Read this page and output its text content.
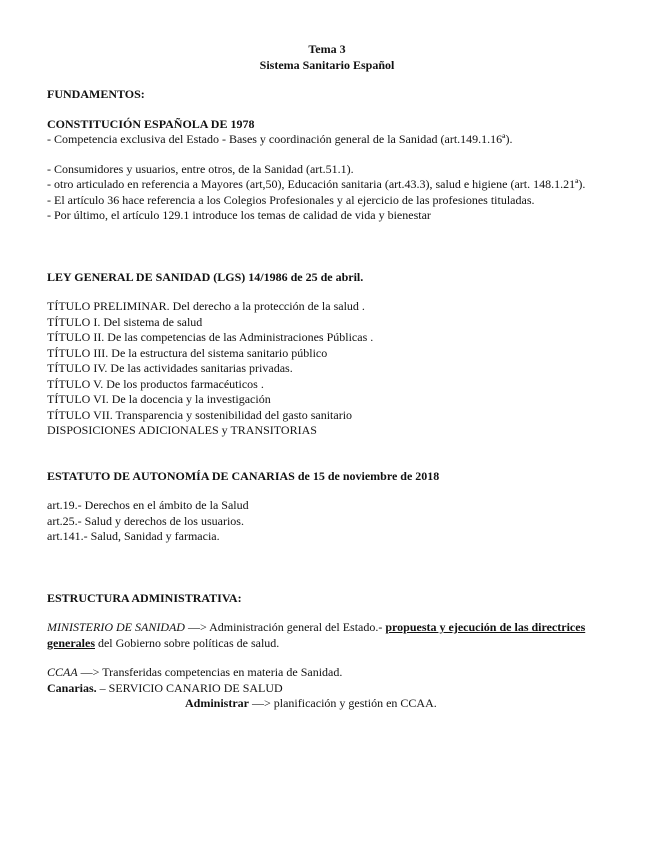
Tema 3
Sistema Sanitario Español
FUNDAMENTOS:
CONSTITUCIÓN ESPAÑOLA DE 1978
- Competencia exclusiva del Estado - Bases y coordinación general de la Sanidad (art.149.1.16ª).
- Consumidores y usuarios, entre otros, de la Sanidad (art.51.1).
- otro articulado en referencia a Mayores (art,50), Educación sanitaria (art.43.3), salud e higiene (art. 148.1.21ª).
- El artículo 36 hace referencia a los Colegios Profesionales y al ejercicio de las profesiones tituladas.
- Por último, el artículo 129.1 introduce los temas de calidad de vida y bienestar
LEY GENERAL DE SANIDAD (LGS) 14/1986 de 25 de abril.
TÍTULO PRELIMINAR. Del derecho a la protección de la salud .
TÍTULO I. Del sistema de salud
TÍTULO II. De las competencias de las Administraciones Públicas .
TÍTULO III. De la estructura del sistema sanitario público
TÍTULO IV. De las actividades sanitarias privadas.
TÍTULO V. De los productos farmacéuticos .
TÍTULO VI. De la docencia y la investigación
TÍTULO VII. Transparencia y sostenibilidad del gasto sanitario
DISPOSICIONES ADICIONALES y TRANSITORIAS
ESTATUTO DE AUTONOMÍA DE CANARIAS de 15 de noviembre de 2018
art.19.- Derechos en el ámbito de la Salud
art.25.- Salud y derechos de los usuarios.
art.141.- Salud, Sanidad y farmacia.
ESTRUCTURA ADMINISTRATIVA:
MINISTERIO DE SANIDAD —> Administración general del Estado.- propuesta y ejecución de las directrices generales del Gobierno sobre políticas de salud.
CCAA —> Transferidas competencias en materia de Sanidad.
Canarias. – SERVICIO CANARIO DE SALUD
Administrar —> planificación y gestión en CCAA.
